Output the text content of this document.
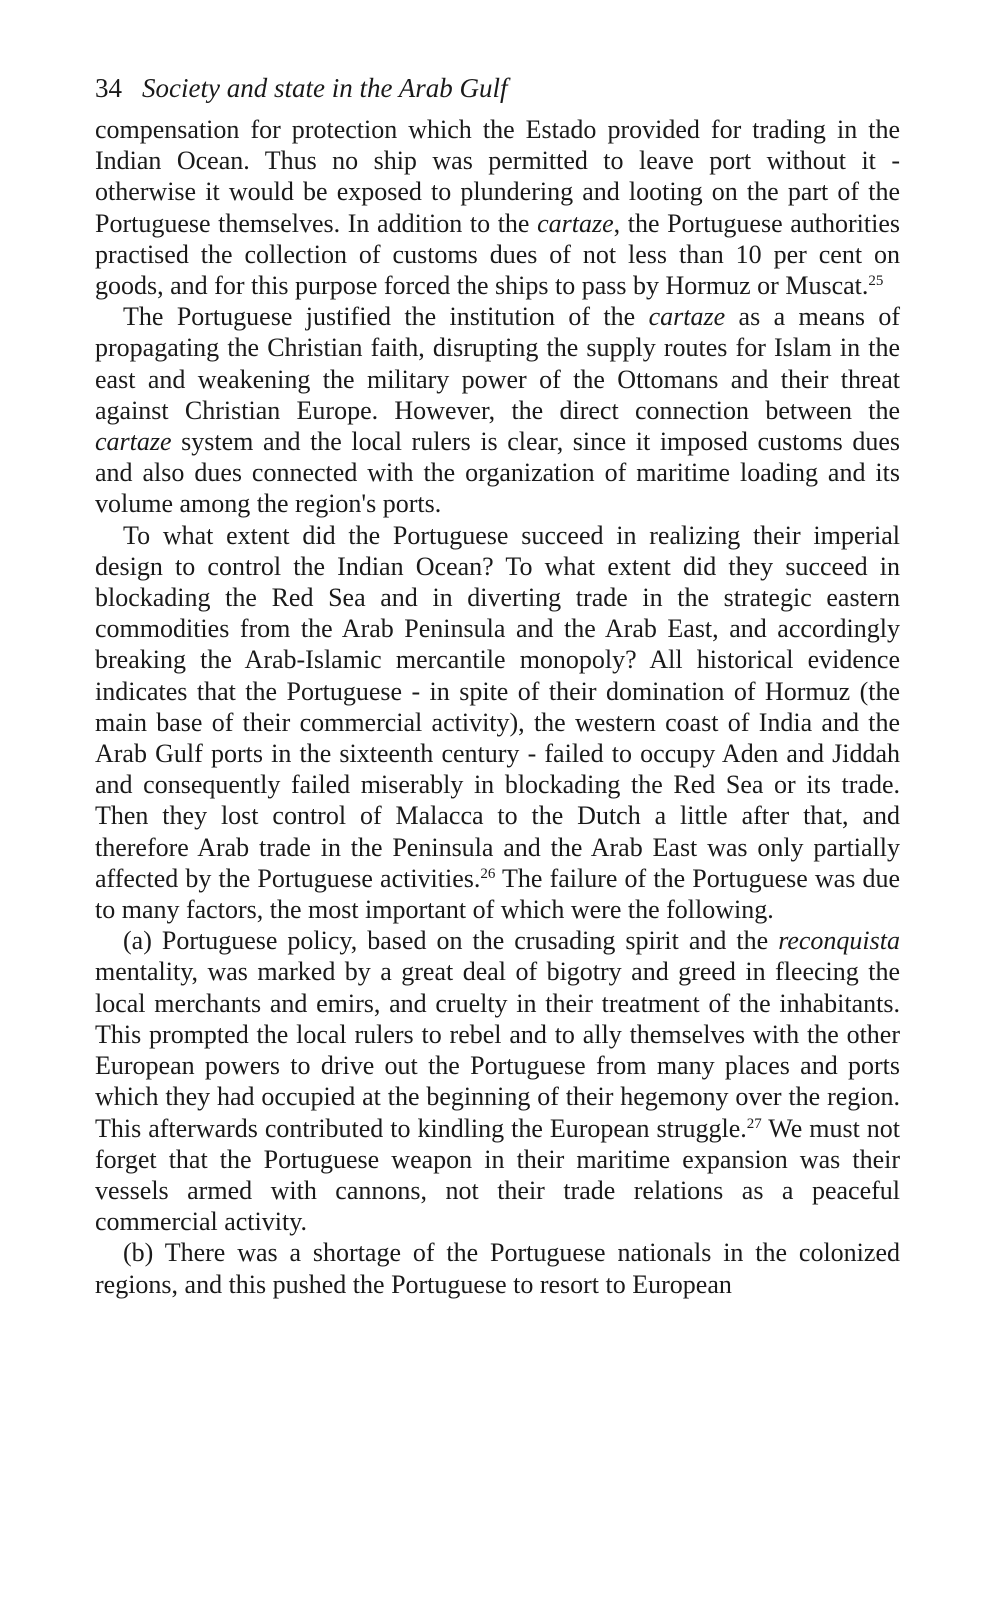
34 Society and state in the Arab Gulf

compensation for protection which the Estado provided for trading in the Indian Ocean. Thus no ship was permitted to leave port without it - otherwise it would be exposed to plundering and looting on the part of the Portuguese themselves. In addition to the cartaze, the Portuguese authorities practised the collection of customs dues of not less than 10 per cent on goods, and for this purpose forced the ships to pass by Hormuz or Muscat.$^{25}$

The Portuguese justified the institution of the cartaze as a means of propagating the Christian faith, disrupting the supply routes for Islam in the east and weakening the military power of the Ottomans and their threat against Christian Europe. However, the direct connection between the cartaze system and the local rulers is clear, since it imposed customs dues and also dues connected with the organization of maritime loading and its volume among the region's ports.

To what extent did the Portuguese succeed in realizing their imperial design to control the Indian Ocean? To what extent did they succeed in blockading the Red Sea and in diverting trade in the strategic eastern commodities from the Arab Peninsula and the Arab East, and accordingly breaking the Arab-Islamic mercantile monopoly? All historical evidence indicates that the Portuguese - in spite of their domination of Hormuz (the main base of their commercial activity), the western coast of India and the Arab Gulf ports in the sixteenth century - failed to occupy Aden and Jiddah and consequently failed miserably in blockading the Red Sea or its trade. Then they lost control of Malacca to the Dutch a little after that, and therefore Arab trade in the Peninsula and the Arab East was only partially affected by the Portuguese activities.$^{26}$ The failure of the Portuguese was due to many factors, the most important of which were the following.

(a) Portuguese policy, based on the crusading spirit and the reconquista mentality, was marked by a great deal of bigotry and greed in fleecing the local merchants and emirs, and cruelty in their treatment of the inhabitants. This prompted the local rulers to rebel and to ally themselves with the other European powers to drive out the Portuguese from many places and ports which they had occupied at the beginning of their hegemony over the region. This afterwards contributed to kindling the European struggle.$^{27}$ We must not forget that the Portuguese weapon in their maritime expansion was their vessels armed with cannons, not their trade relations as a peaceful commercial activity.

(b) There was a shortage of the Portuguese nationals in the colonized regions, and this pushed the Portuguese to resort to European
